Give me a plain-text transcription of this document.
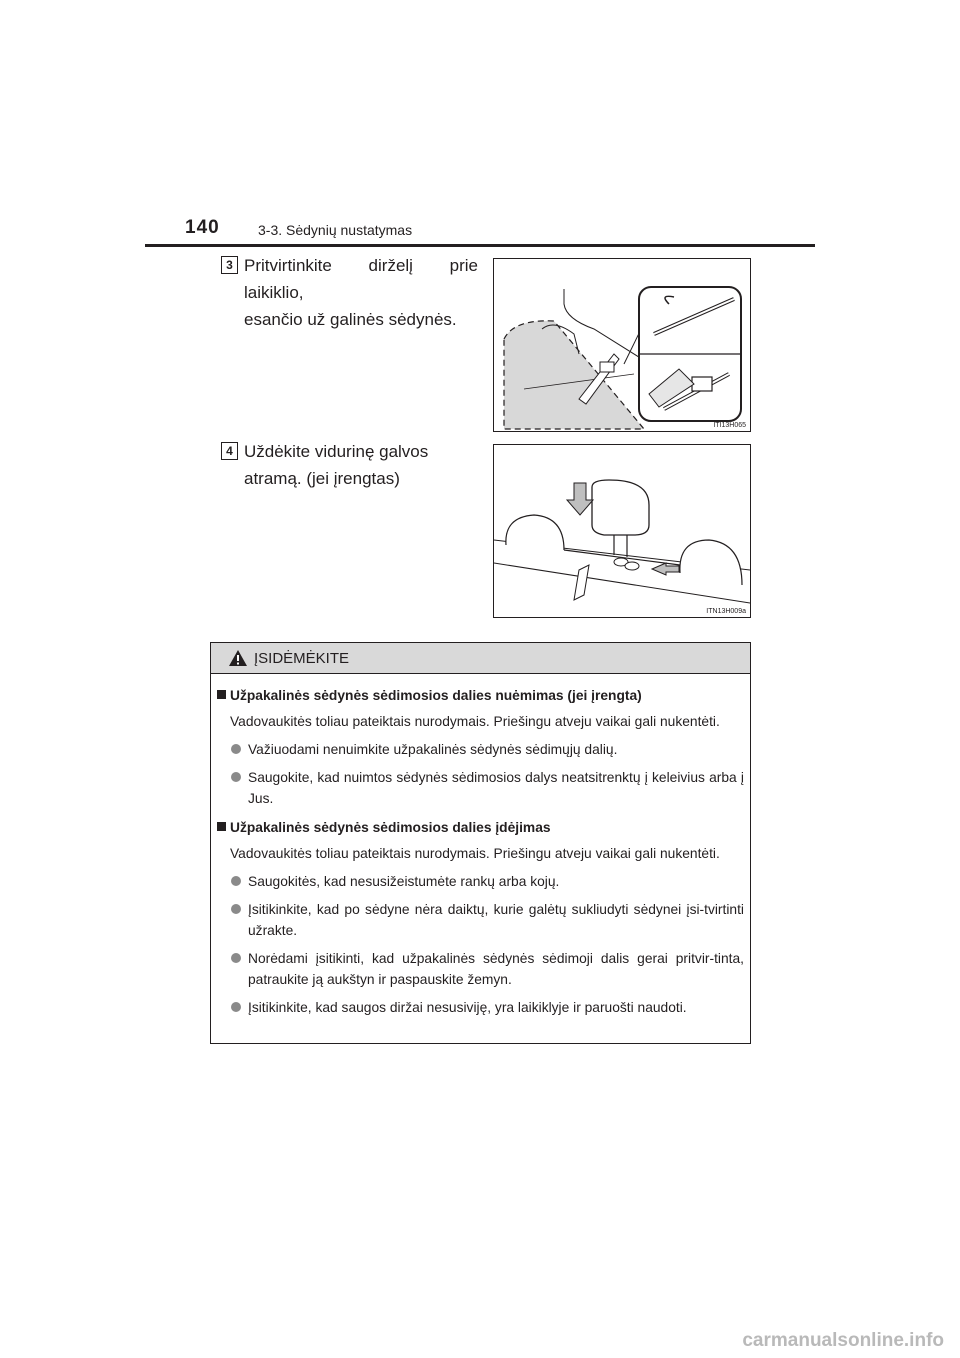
140	3-3. Sėdynių nustatymas
3 Pritvirtinkite dirželį prie laikiklio,
esančio už galinės sėdynės.
ITI13H065
4 Uždėkite vidurinę galvos
atramą. (jei įrengtas)
ITN13H009a
ĮSIDĖMĖKITE
Užpakalinės sėdynės sėdimosios dalies nuėmimas (jei įrengta)
Vadovaukitės toliau pateiktais nurodymais. Priešingu atveju vaikai gali nukentėti.
Važiuodami nenuimkite užpakalinės sėdynės sėdimųjų dalių.
Saugokite, kad nuimtos sėdynės sėdimosios dalys neatsitrenktų į keleivius arba į Jus.
Užpakalinės sėdynės sėdimosios dalies įdėjimas
Vadovaukitės toliau pateiktais nurodymais. Priešingu atveju vaikai gali nukentėti.
Saugokitės, kad nesusižeistumėte rankų arba kojų.
Įsitikinkite, kad po sėdyne nėra daiktų, kurie galėtų sukliudyti sėdynei įsi-tvirtinti užrakte.
Norėdami įsitikinti, kad užpakalinės sėdynės sėdimoji dalis gerai pritvir-tinta, patraukite ją aukštyn ir paspauskite žemyn.
Įsitikinkite, kad saugos diržai nesusiviję, yra laikiklyje ir paruošti naudoti.
carmanualsonline.info
